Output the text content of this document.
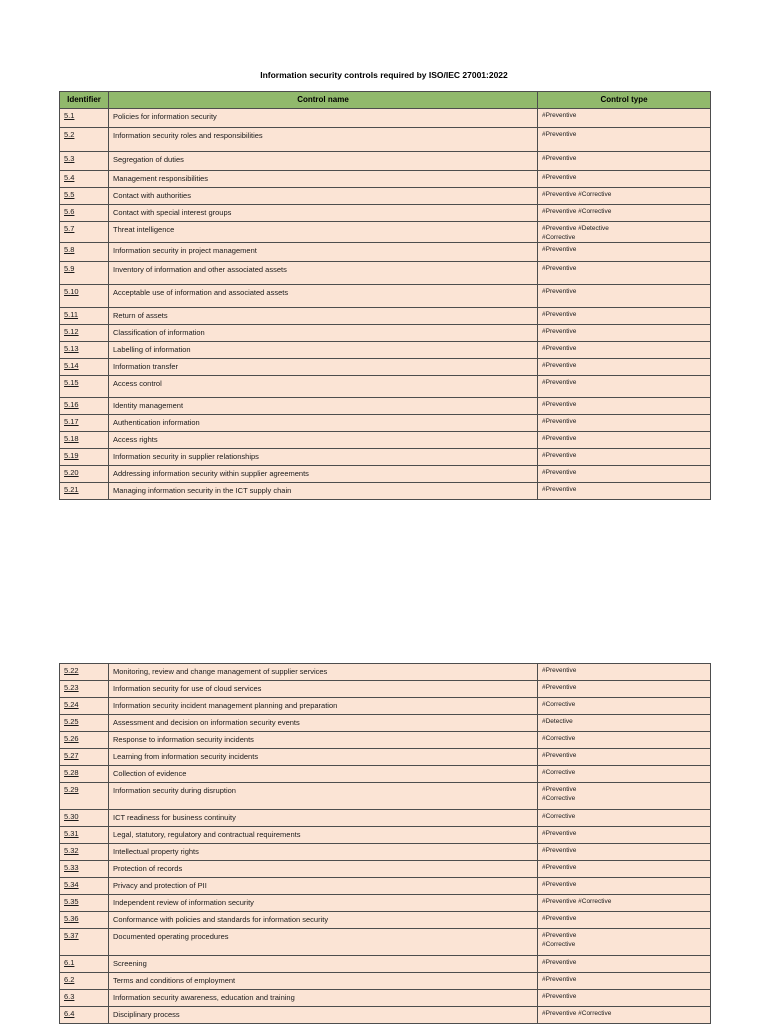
Information security controls required by ISO/IEC 27001:2022
Identifier	Control name	Control type
5.1	Policies for information security	#Preventive
5.2	Information security roles and responsibilities	#Preventive
5.3	Segregation of duties	#Preventive
5.4	Management responsibilities	#Preventive
5.5	Contact with authorities	#Preventive #Corrective
5.6	Contact with special interest groups	#Preventive #Corrective
5.7	Threat intelligence	#Preventive #Detective
#Corrective
5.8	Information security in project management	#Preventive
5.9	Inventory of information and other associated assets	#Preventive
5.10	Acceptable use of information and associated assets	#Preventive
5.11	Return of assets	#Preventive
5.12	Classification of information	#Preventive
5.13	Labelling of information	#Preventive
5.14	Information transfer	#Preventive
5.15	Access control	#Preventive
5.16	Identity management	#Preventive
5.17	Authentication information	#Preventive
5.18	Access rights	#Preventive
5.19	Information security in supplier relationships	#Preventive
5.20	Addressing information security within supplier agreements	#Preventive
5.21	Managing information security in the ICT supply chain	#Preventive
5.22	Monitoring, review and change management of supplier services	#Preventive
5.23	Information security for use of cloud services	#Preventive
5.24	Information security incident management planning and preparation	#Corrective
5.25	Assessment and decision on information security events	#Detective
5.26	Response to information security incidents	#Corrective
5.27	Learning from information security incidents	#Preventive
5.28	Collection of evidence	#Corrective
5.29	Information security during disruption	#Preventive
#Corrective
5.30	ICT readiness for business continuity	#Corrective
5.31	Legal, statutory, regulatory and contractual requirements	#Preventive
5.32	Intellectual property rights	#Preventive
5.33	Protection of records	#Preventive
5.34	Privacy and protection of PII	#Preventive
5.35	Independent review of information security	#Preventive #Corrective
5.36	Conformance with policies and standards for information security	#Preventive
5.37	Documented operating procedures	#Preventive
#Corrective
6.1	Screening	#Preventive
6.2	Terms and conditions of employment	#Preventive
6.3	Information security awareness, education and training	#Preventive
6.4	Disciplinary process	#Preventive #Corrective
